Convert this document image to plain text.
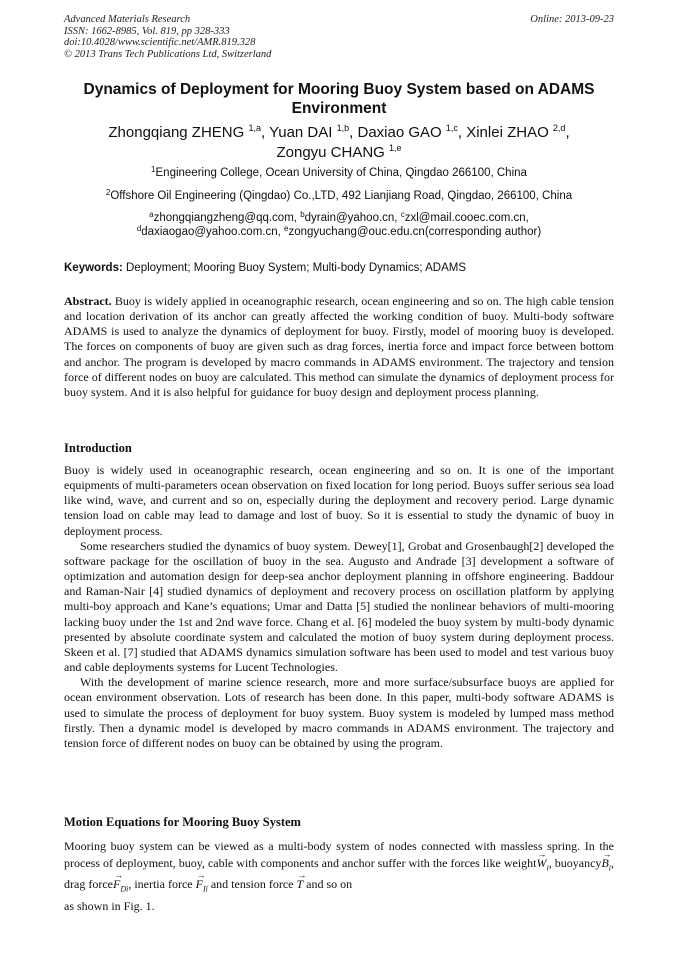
Advanced Materials Research
ISSN: 1662-8985, Vol. 819, pp 328-333
doi:10.4028/www.scientific.net/AMR.819.328
© 2013 Trans Tech Publications Ltd, Switzerland
Online: 2013-09-23
Dynamics of Deployment for Mooring Buoy System based on ADAMS
Environment
Zhongqiang ZHENG $^{1,a}$, Yuan DAI $^{1,b}$, Daxiao GAO $^{1,c}$, Xinlei ZHAO $^{2,d}$,
Zongyu CHANG $^{1,e}$
$^1$Engineering College, Ocean University of China, Qingdao 266100, China
$^2$Offshore Oil Engineering (Qingdao) Co.,LTD, 492 Lianjiang Road, Qingdao, 266100, China
$^a$zhongqiangzheng@qq.com, $^b$dyrain@yahoo.cn, $^c$zxl@mail.cooec.com.cn,
$^d$daxiaogao@yahoo.com.cn, $^e$zongyuchang@ouc.edu.cn(corresponding author)
Keywords: Deployment; Mooring Buoy System; Multi-body Dynamics; ADAMS
Abstract. Buoy is widely applied in oceanographic research, ocean engineering and so on. The high cable tension and location derivation of its anchor can greatly affected the working condition of buoy. Multi-body software ADAMS is used to analyze the dynamics of deployment for buoy. Firstly, model of mooring buoy is developed. The forces on components of buoy are given such as drag forces, inertia force and impact force between bottom and anchor. The program is developed by macro commands in ADAMS environment. The trajectory and tension force of different nodes on buoy are calculated. This method can simulate the dynamics of deployment process for buoy system. And it is also helpful for guidance for buoy design and deployment process planning.
Introduction
Buoy is widely used in oceanographic research, ocean engineering and so on. It is one of the important equipments of multi-parameters ocean observation on fixed location for long period. Buoys suffer serious sea load like wind, wave, and current and so on, especially during the deployment and recovery period. Large dynamic tension load on cable may lead to damage and lost of buoy. So it is essential to study the dynamic of buoy in deployment process.
Some researchers studied the dynamics of buoy system. Dewey[1], Grobat and Grosenbaugh[2] developed the software package for the oscillation of buoy in the sea. Augusto and Andrade [3] development a software of optimization and automation design for deep-sea anchor deployment planning in offshore engineering. Baddour and Raman-Nair [4] studied dynamics of deployment and recovery process on oscillation platform by applying multi-boy approach and Kane’s equations; Umar and Datta [5] studied the nonlinear behaviors of multi-mooring lacking buoy under the 1st and 2nd wave force. Chang et al. [6] modeled the buoy system by multi-body dynamic presented by absolute coordinate system and calculated the motion of buoy system during deployment process. Skeen et al. [7] studied that ADAMS dynamics simulation software has been used to model and test various buoy and cable deployments systems for Lucent Technologies.
With the development of marine science research, more and more surface/subsurface buoys are applied for ocean environment observation. Lots of research has been done. In this paper, multi-body software ADAMS is used to simulate the process of deployment for buoy system. Buoy system is modeled by lumped mass method firstly. Then a dynamic model is developed by macro commands in ADAMS environment. The trajectory and tension force of different nodes on buoy can be obtained by using the program.
Motion Equations for Mooring Buoy System
Mooring buoy system can be viewed as a multi-body system of nodes connected with massless spring. In the process of deployment, buoy, cable with components and anchor suffer with the forces like weight→ $W_i$, buoyancy→ $B_i$, drag force→ $F_{Di}$, inertia force → $F_{Ii}$ and tension force → T and so on
as shown in Fig. 1.
